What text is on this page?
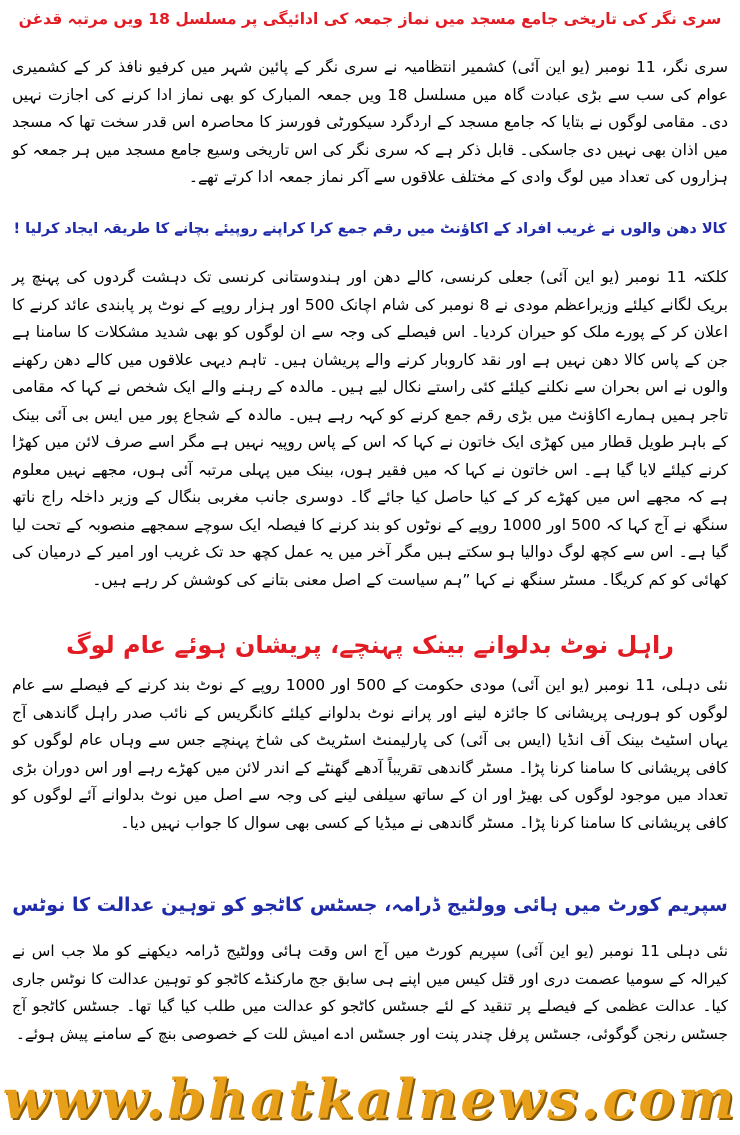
سری نگر کی تاریخی جامع مسجد میں نماز جمعہ کی ادائیگی پر مسلسل 18 ویں مرتبہ قدغن

سری نگر، 11 نومبر (یو این آئی) کشمیر انتظامیہ نے سری نگر کے پائین شہر میں کرفیو نافذ کر کے کشمیری عوام کی سب سے بڑی عبادت گاہ میں مسلسل 18 ویں جمعہ المبارک کو بھی نماز ادا کرنے کی اجازت نہیں دی۔ مقامی لوگوں نے بتایا کہ جامع مسجد کے اردگرد سیکورٹی فورسز کا محاصرہ اس قدر سخت تھا کہ مسجد میں اذان بھی نہیں دی جاسکی۔ قابل ذکر ہے کہ سری نگر کی اس تاریخی وسیع جامع مسجد میں ہر جمعہ کو ہزاروں کی تعداد میں لوگ وادی کے مختلف علاقوں سے آکر نماز جمعہ ادا کرتے تھے۔

کالا دھن والوں نے غریب افراد کے اکاؤنٹ میں رقم جمع کرا کراپنے روپیئے بچانے کا طریقہ ایجاد کرلیا !

کلکتہ 11 نومبر (یو این آئی) جعلی کرنسی، کالے دھن اور ہندوستانی کرنسی تک دہشت گردوں کی پہنچ پر بریک لگانے کیلئے وزیراعظم مودی نے 8 نومبر کی شام اچانک 500 اور ہزار روپے کے نوٹ پر پابندی عائد کرنے کا اعلان کر کے پورے ملک کو حیران کردیا۔ اس فیصلے کی وجہ سے ان لوگوں کو بھی شدید مشکلات کا سامنا ہے جن کے پاس کالا دھن نہیں ہے اور نقد کاروبار کرنے والے پریشان ہیں۔ تاہم دیہی علاقوں میں کالے دھن رکھنے والوں نے اس بحران سے نکلنے کیلئے کئی راستے نکال لیے ہیں۔ مالدہ کے رہنے والے ایک شخص نے کہا کہ مقامی تاجر ہمیں ہمارے اکاؤنٹ میں بڑی رقم جمع کرنے کو کہہ رہے ہیں۔ مالدہ کے شجاع پور میں ایس بی آئی بینک کے باہر طویل قطار میں کھڑی ایک خاتون نے کہا کہ اس کے پاس روپیہ نہیں ہے مگر اسے صرف لائن میں کھڑا کرنے کیلئے لایا گیا ہے۔ اس خاتون نے کہا کہ میں فقیر ہوں، بینک میں پہلی مرتبہ آئی ہوں، مجھے نہیں معلوم ہے کہ مجھے اس میں کھڑے کر کے کیا حاصل کیا جائے گا۔ دوسری جانب مغربی بنگال کے وزیر داخلہ راج ناتھ سنگھ نے آج کہا کہ 500 اور 1000 روپے کے نوٹوں کو بند کرنے کا فیصلہ ایک سوچے سمجھے منصوبہ کے تحت لیا گیا ہے۔ اس سے کچھ لوگ دوالیا ہو سکتے ہیں مگر آخر میں یہ عمل کچھ حد تک غریب اور امیر کے درمیان کی کھائی کو کم کریگا۔ مسٹر سنگھ نے کہا ”ہم سیاست کے اصل معنی بتانے کی کوشش کر رہے ہیں۔

راہل نوٹ بدلوانے بینک پہنچے، پریشان ہوئے عام لوگ

نئی دہلی، 11 نومبر (یو این آئی) مودی حکومت کے 500 اور 1000 روپے کے نوٹ بند کرنے کے فیصلے سے عام لوگوں کو ہورہی پریشانی کا جائزہ لینے اور پرانے نوٹ بدلوانے کیلئے کانگریس کے نائب صدر راہل گاندھی آج یہاں اسٹیٹ بینک آف انڈیا (ایس بی آئی) کی پارلیمنٹ اسٹریٹ کی شاخ پہنچے جس سے وہاں عام لوگوں کو کافی پریشانی کا سامنا کرنا پڑا۔ مسٹر گاندھی تقریباً آدھے گھنٹے کے اندر لائن میں کھڑے رہے اور اس دوران بڑی تعداد میں موجود لوگوں کی بھیڑ اور ان کے ساتھ سیلفی لینے کی وجہ سے اصل میں نوٹ بدلوانے آئے لوگوں کو کافی پریشانی کا سامنا کرنا پڑا۔ مسٹر گاندھی نے میڈیا کے کسی بھی سوال کا جواب نہیں دیا۔

سپریم کورٹ میں ہائی وولٹیج ڈرامہ، جسٹس کاٹجو کو توہین عدالت کا نوٹس

نئی دہلی 11 نومبر (یو این آئی) سپریم کورٹ میں آج اس وقت ہائی وولٹیج ڈرامہ دیکھنے کو ملا جب اس نے کیرالہ کے سومیا عصمت دری اور قتل کیس میں اپنے ہی سابق جج مارکنڈے کاٹجو کو توہین عدالت کا نوٹس جاری کیا۔ عدالت عظمی کے فیصلے پر تنقید کے لئے جسٹس کاٹجو کو عدالت میں طلب کیا گیا تھا۔ جسٹس کاٹجو آج جسٹس رنجن گوگوئی، جسٹس پرفل چندر پنت اور جسٹس ادے امیش للت کے خصوصی بنچ کے سامنے پیش ہوئے۔

www.bhatkalnews.com
